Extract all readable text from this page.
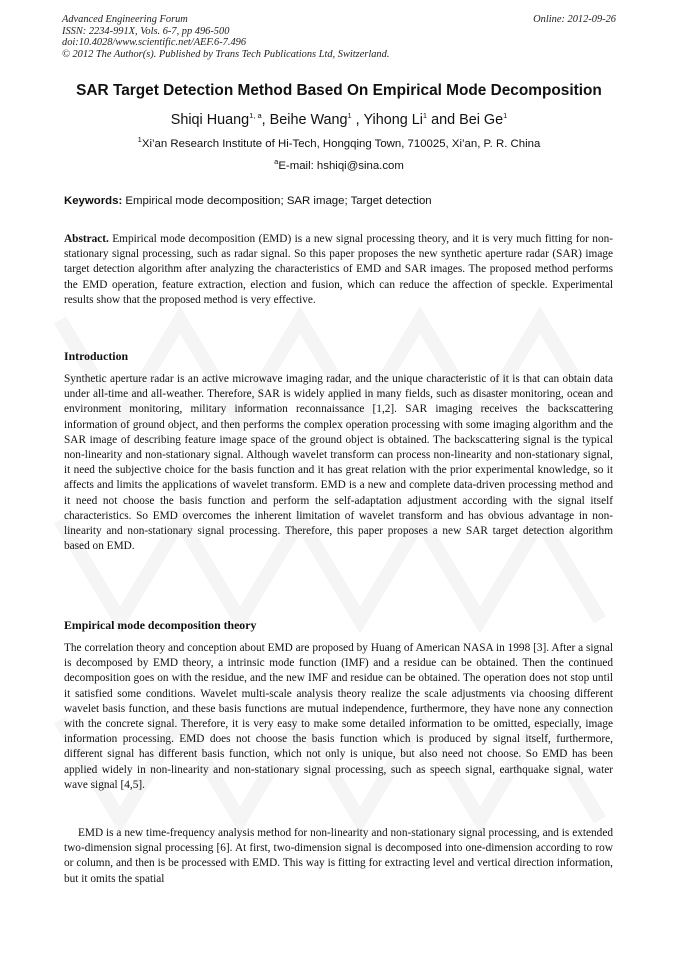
Advanced Engineering Forum
ISSN: 2234-991X, Vols. 6-7, pp 496-500
doi:10.4028/www.scientific.net/AEF.6-7.496
© 2012 The Author(s). Published by Trans Tech Publications Ltd, Switzerland.
Online: 2012-09-26
SAR Target Detection Method Based On Empirical Mode Decomposition
Shiqi Huang$^{1, a}$, Beihe Wang$^1$ , Yihong Li$^1$ and Bei Ge$^1$
$^1$Xi’an Research Institute of Hi-Tech, Hongqing Town, 710025, Xi’an, P. R. China
$^a$E-mail: hshiqi@sina.com
Keywords: Empirical mode decomposition; SAR image; Target detection

Abstract. Empirical mode decomposition (EMD) is a new signal processing theory, and it is very much fitting for non-stationary signal processing, such as radar signal. So this paper proposes the new synthetic aperture radar (SAR) image target detection algorithm after analyzing the characteristics of EMD and SAR images. The proposed method performs the EMD operation, feature extraction, election and fusion, which can reduce the affection of speckle. Experimental results show that the proposed method is very effective.

Introduction

Synthetic aperture radar is an active microwave imaging radar, and the unique characteristic of it is that can obtain data under all-time and all-weather. Therefore, SAR is widely applied in many fields, such as disaster monitoring, ocean and environment monitoring, military information reconnaissance [1,2]. SAR imaging receives the backscattering information of ground object, and then performs the complex operation processing with some imaging algorithm and the SAR image of describing feature image space of the ground object is obtained. The backscattering signal is the typical non-linearity and non-stationary signal. Although wavelet transform can process non-linearity and non-stationary signal, it need the subjective choice for the basis function and it has great relation with the prior experimental knowledge, so it affects and limits the applications of wavelet transform. EMD is a new and complete data-driven processing method and it need not choose the basis function and perform the self-adaptation adjustment according with the signal itself characteristics. So EMD overcomes the inherent limitation of wavelet transform and has obvious advantage in non-linearity and non-stationary signal processing. Therefore, this paper proposes a new SAR target detection algorithm based on EMD.

Empirical mode decomposition theory

The correlation theory and conception about EMD are proposed by Huang of American NASA in 1998 [3]. After a signal is decomposed by EMD theory, a intrinsic mode function (IMF) and a residue can be obtained. Then the continued decomposition goes on with the residue, and the new IMF and residue can be obtained. The operation does not stop until it satisfied some conditions. Wavelet multi-scale analysis theory realize the scale adjustments via choosing different wavelet basis function, and these basis functions are mutual independence, furthermore, they have none any connection with the concrete signal. Therefore, it is very easy to make some detailed information to be omitted, especially, image information processing. EMD does not choose the basis function which is produced by signal itself, furthermore, different signal has different basis function, which not only is unique, but also need not choose. So EMD has been applied widely in non-linearity and non-stationary signal processing, such as speech signal, earthquake signal, water wave signal [4,5].

EMD is a new time-frequency analysis method for non-linearity and non-stationary signal processing, and is extended two-dimension signal processing [6]. At first, two-dimension signal is decomposed into one-dimension according to row or column, and then is be processed with EMD. This way is fitting for extracting level and vertical direction information, but it omits the spatial
